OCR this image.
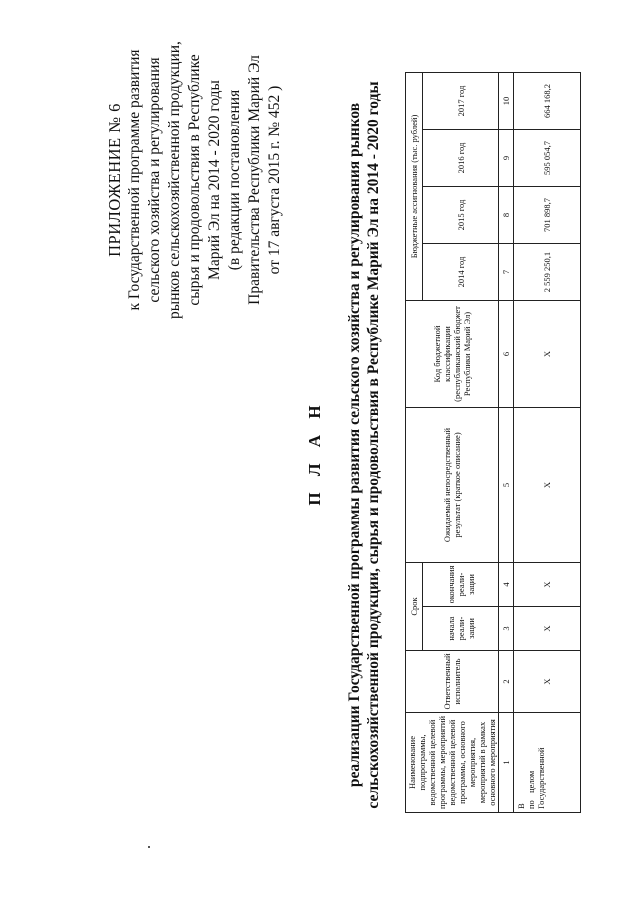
ПРИЛОЖЕНИЕ № 6 к Государственной программе развития сельского хозяйства и регулирования рынков сельскохозяйственной продукции, сырья и продовольствия в Республике Марий Эл на 2014 - 2020 годы (в редакции постановления Правительства Республики Марий Эл от 17 августа 2015 г. № 452 )
П Л А Н реализации Государственной программы развития сельского хозяйства и регулирования рынков сельскохозяйственной продукции, сырья и продовольствия в Республике Марий Эл на 2014 - 2020 годы	Наименование подпрограммы, ведомственной целевой программы, мероприятий ведомственной целевой программы, основного мероприятия, мероприятий в рамках основного мероприятия	Ответственный исполнитель	Срок		Ожидаемый непосредственный результат (краткое описание)	Код бюджетной классификации (республиканский бюджет Республики Марий Эл)	Бюджетные ассигнования (тыс. рублей)			
		начала реали-зации	окончания реали-зации			2014 год	2015 год	2016 год	2017 год

1	2	3	4	5	6	7	8	9	10
В по целом Государственной	Х	Х	Х	Х	Х	2 559 250,1	701 898,7	595 054,7	664 168,2
